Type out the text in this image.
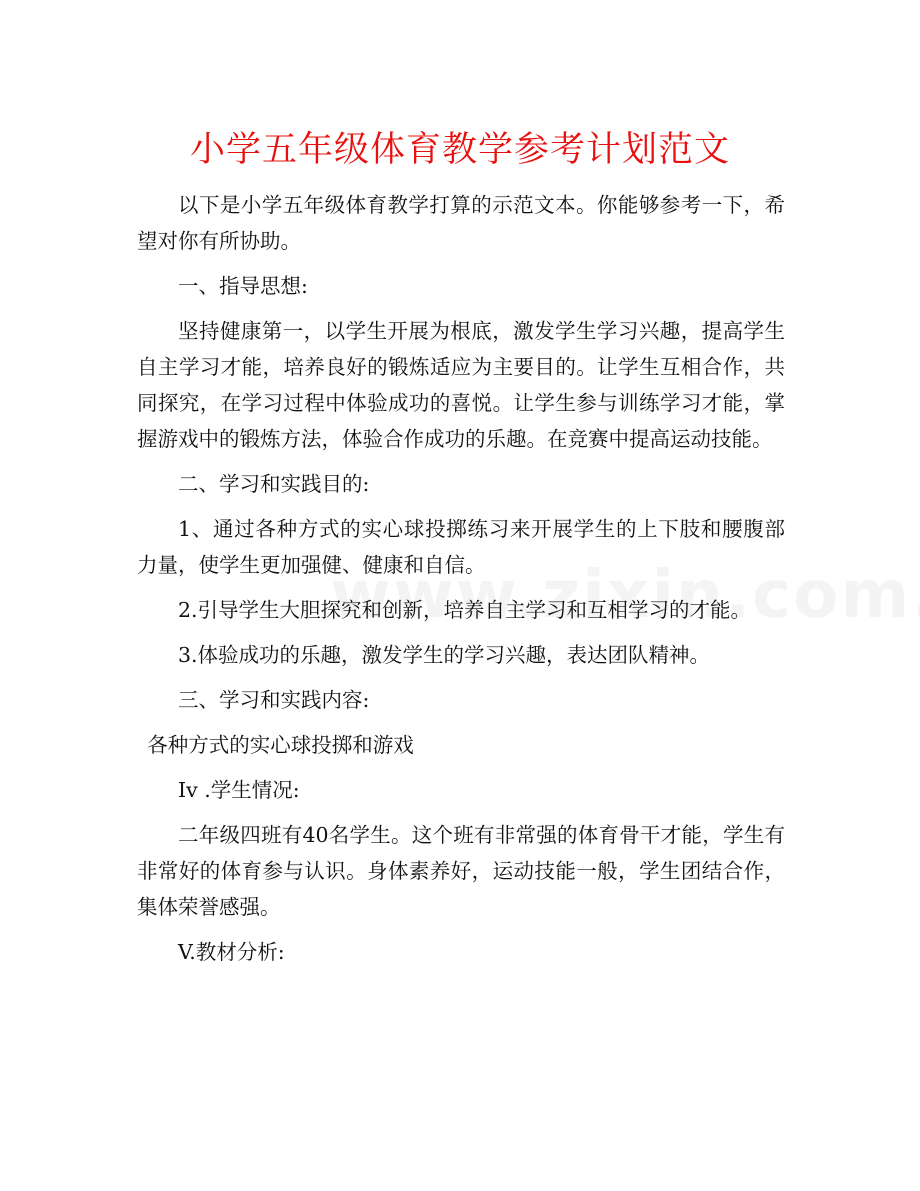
小学五年级体育教学参考计划范文

以下是小学五年级体育教学打算的示范文本。你能够参考一下，希望对你有所协助。

一、指导思想:

坚持健康第一，以学生开展为根底，激发学生学习兴趣，提高学生自主学习才能，培养良好的锻炼适应为主要目的。让学生互相合作，共同探究，在学习过程中体验成功的喜悦。让学生参与训练学习才能，掌握游戏中的锻炼方法，体验合作成功的乐趣。在竞赛中提高运动技能。

二、学习和实践目的:

1、通过各种方式的实心球投掷练习来开展学生的上下肢和腰腹部力量，使学生更加强健、健康和自信。

2.引导学生大胆探究和创新，培养自主学习和互相学习的才能。

3.体验成功的乐趣，激发学生的学习兴趣，表达团队精神。

三、学习和实践内容:

各种方式的实心球投掷和游戏

Iv .学生情况:

二年级四班有40名学生。这个班有非常强的体育骨干才能，学生有非常好的体育参与认识。身体素养好，运动技能一般，学生团结合作，集体荣誉感强。

V.教材分析:
